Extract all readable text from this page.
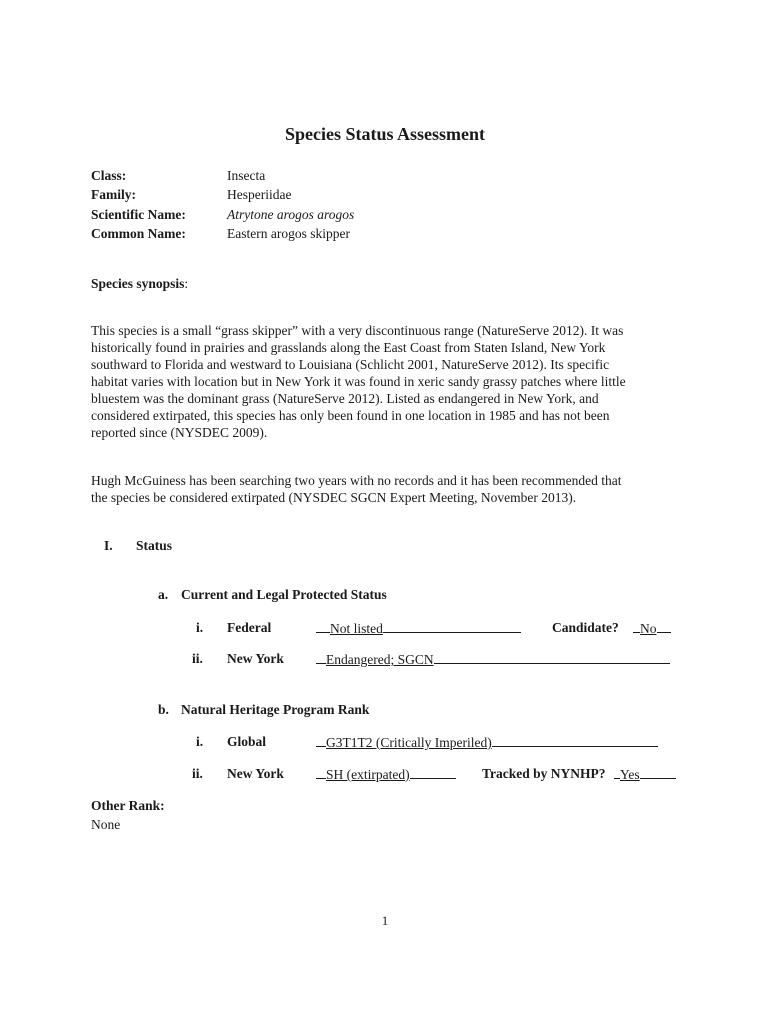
Species Status Assessment
Class:	Insecta
Family:	Hesperiidae
Scientific Name:	Atrytone arogos arogos
Common Name:	Eastern arogos skipper
Species synopsis:
This species is a small “grass skipper” with a very discontinuous range (NatureServe 2012). It was
historically found in prairies and grasslands along the East Coast from Staten Island, New York
southward to Florida and westward to Louisiana (Schlicht 2001, NatureServe 2012). Its specific
habitat varies with location but in New York it was found in xeric sandy grassy patches where little
bluestem was the dominant grass (NatureServe 2012). Listed as endangered in New York, and
considered extirpated, this species has only been found in one location in 1985 and has not been
reported since (NYSDEC 2009).
Hugh McGuiness has been searching two years with no records and it has been recommended that
the species be considered extirpated (NYSDEC SGCN Expert Meeting, November 2013).
I. Status
a. Current and Legal Protected Status
i. Federal	Not listed	Candidate?	No
ii. New York	Endangered; SGCN
b. Natural Heritage Program Rank
i. Global	G3T1T2 (Critically Imperiled)
ii. New York	SH (extirpated)	Tracked by NYNHP?	Yes
Other Rank:
None
1
